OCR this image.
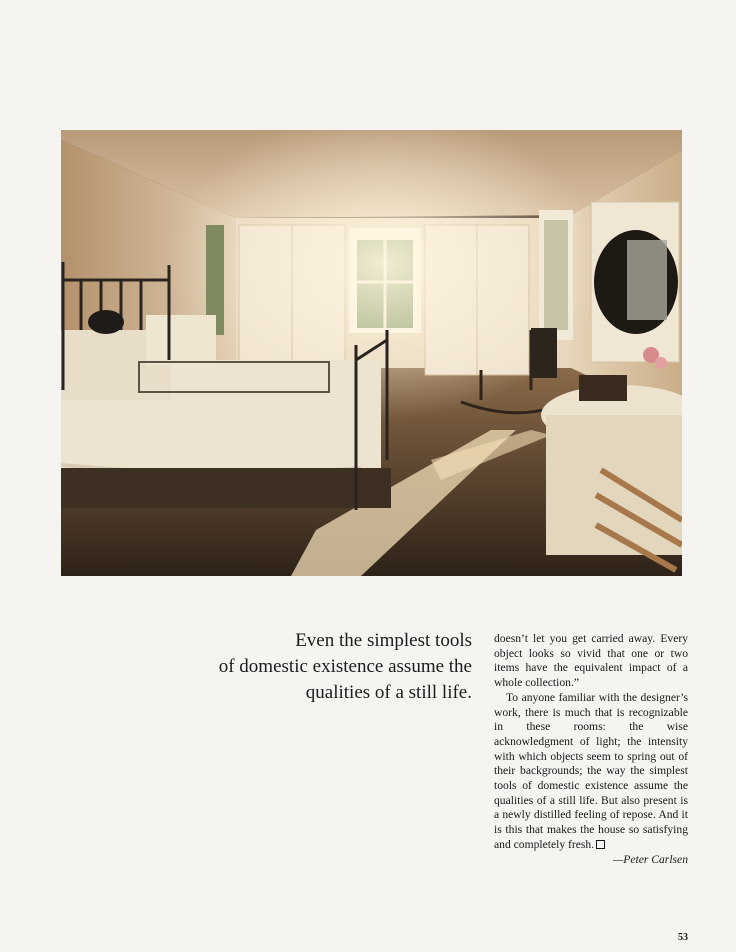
Even the simplest tools

of domestic existence assume the

qualities of a still life.

doesn’t let you get carried away. Every object looks so vivid that one or two items have the equivalent impact of a whole collection.”

To anyone familiar with the designer’s work, there is much that is recognizable in these rooms: the wise acknowledgment of light; the intensity with which objects seem to spring out of their backgrounds; the way the simplest tools of domestic existence assume the qualities of a still life. But also present is a newly distilled feeling of repose. And it is this that makes the house so satisfying and completely fresh.

—Peter Carlsen

53
